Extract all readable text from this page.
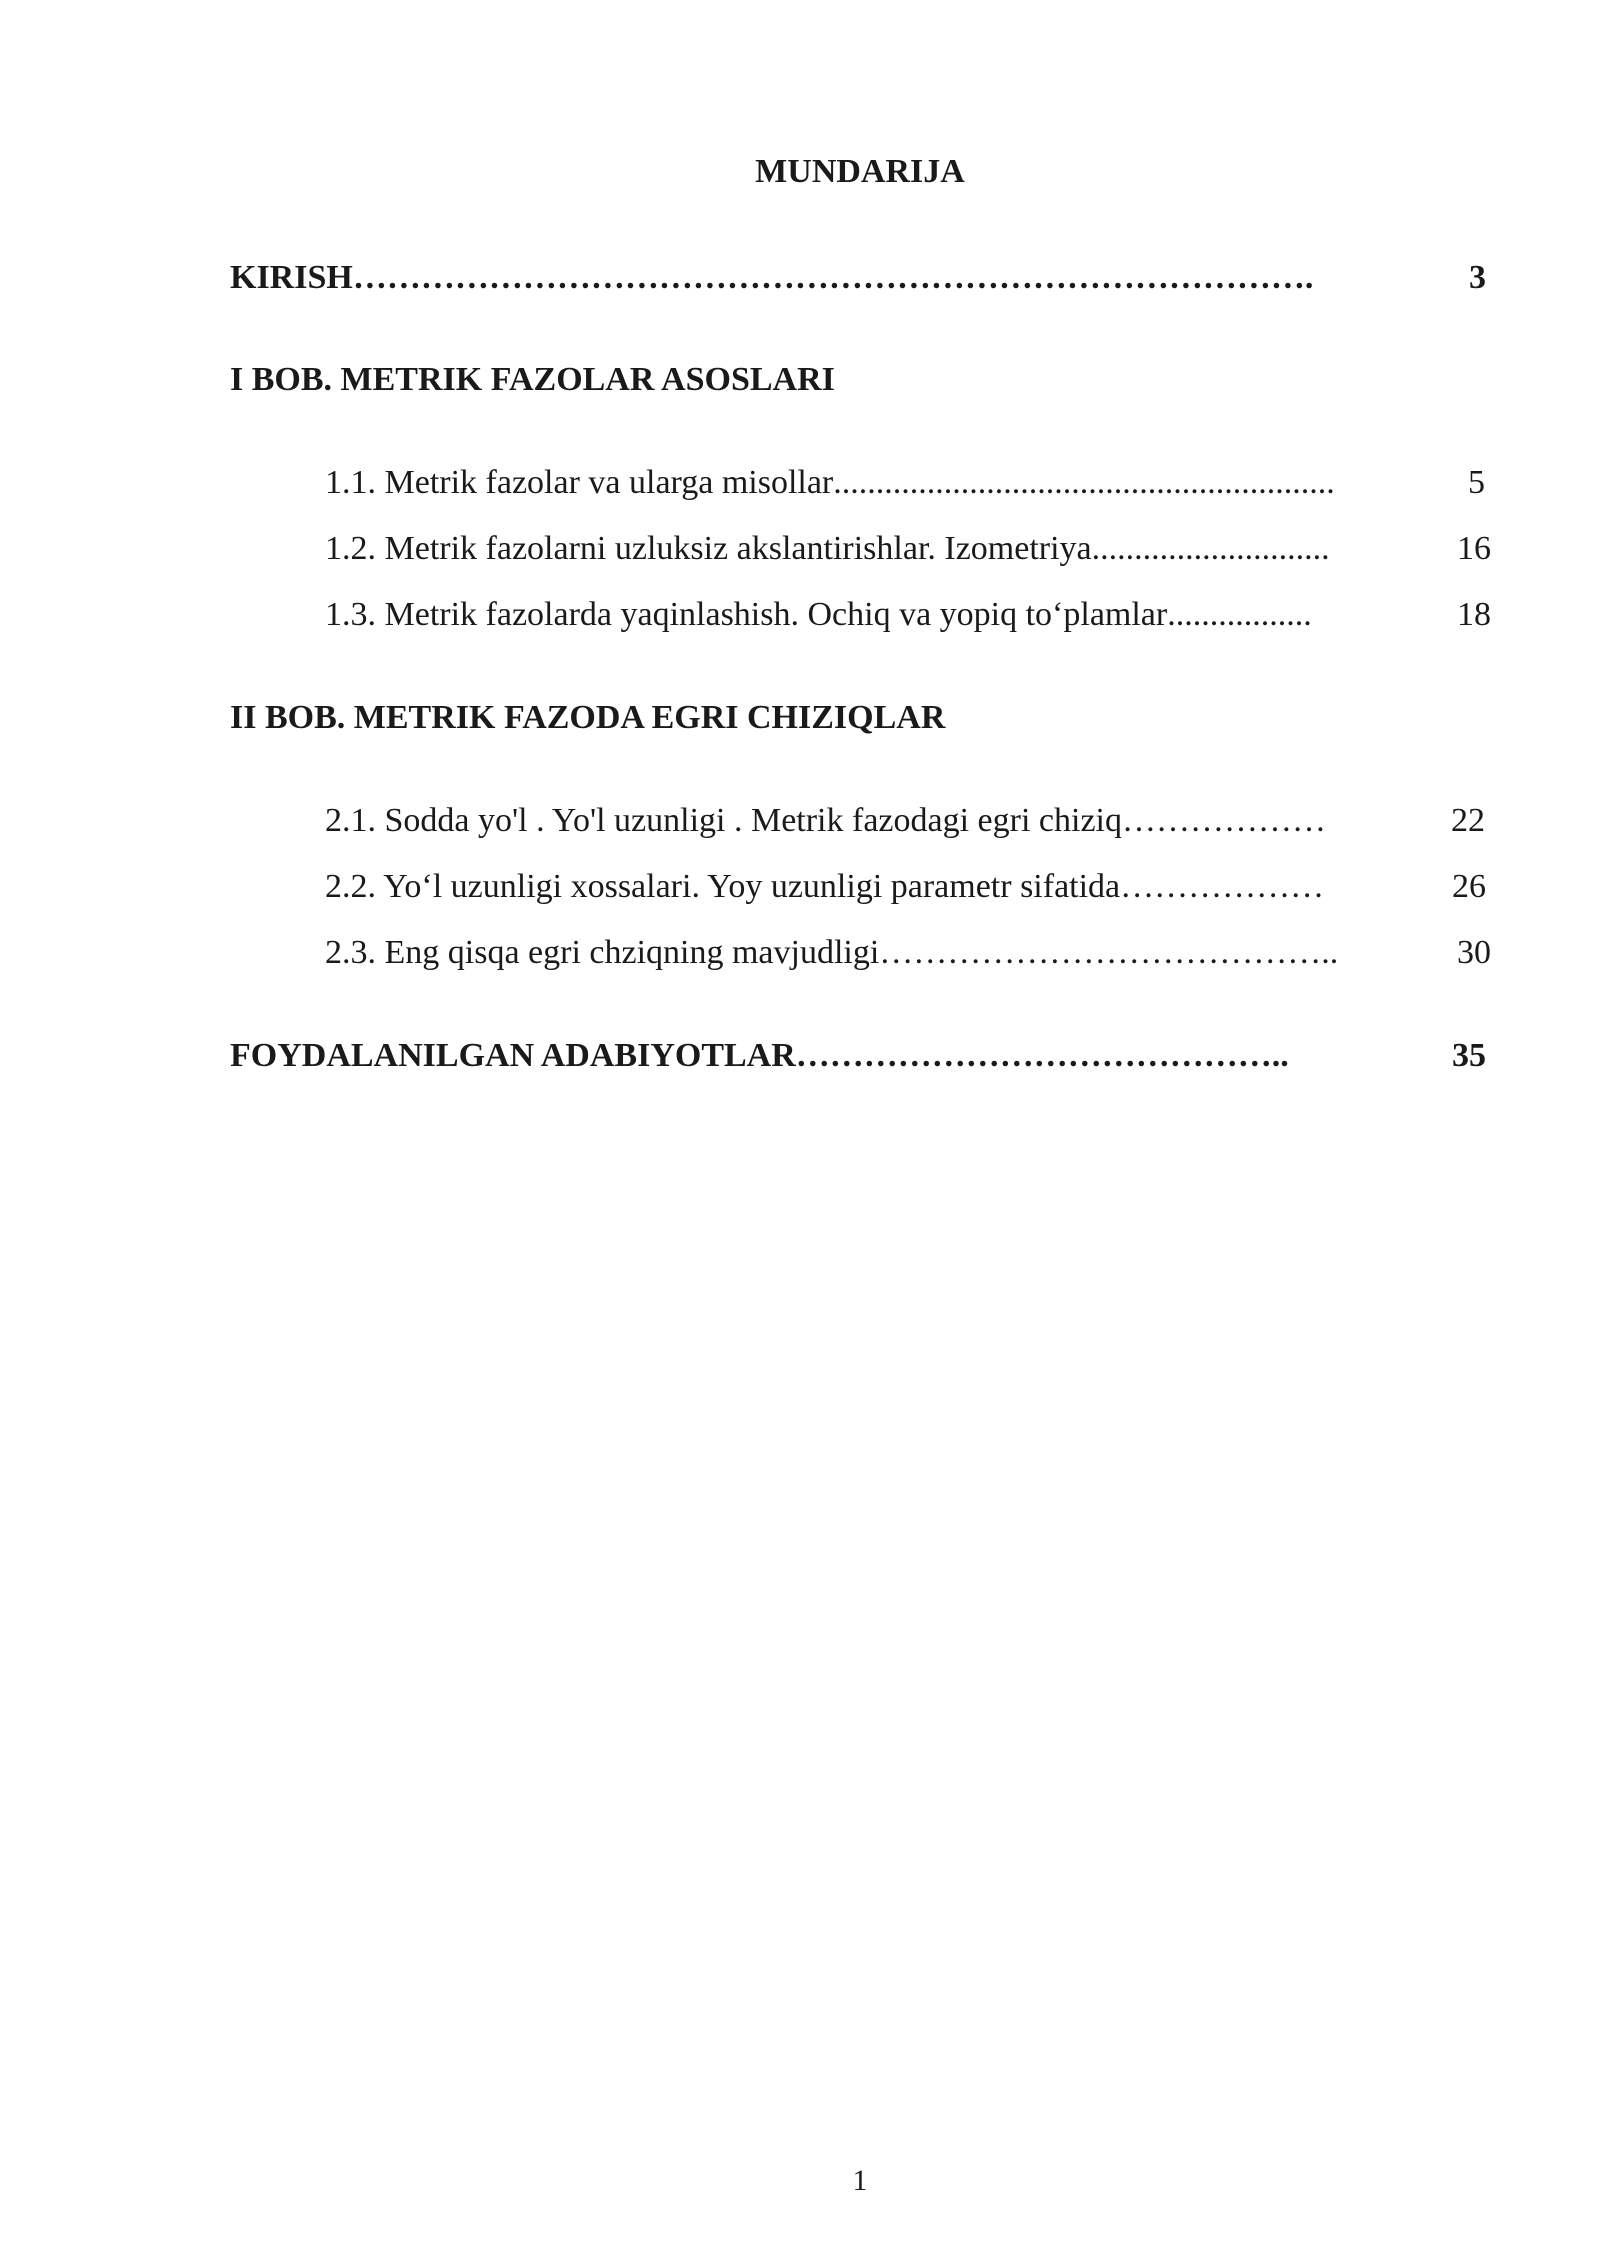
MUNDARIJA
KIRISH ………………………………………………………………………….	3
I BOB. METRIK FAZOLAR ASOSLARI
1.1. Metrik fazolar va ularga misollar ...........................................................	5
1.2. Metrik fazolarni uzluksiz akslantirishlar. Izometriya ............................	16
1.3. Metrik fazolarda yaqinlashish. Ochiq va yopiq to‘plamlar .................	18
II BOB. METRIK FAZODA EGRI CHIZIQLAR
2.1. Sodda yo'l . Yo'l uzunligi . Metrik fazodagi egri chiziq ………………	22
2.2. Yo‘l uzunligi xossalari. Yoy uzunligi parametr sifatida ………………	26
2.3. Eng qisqa egri chziqning mavjudligi …………………………………..	30
FOYDALANILGAN ADABIYOTLAR ……………………………………..	35
1
